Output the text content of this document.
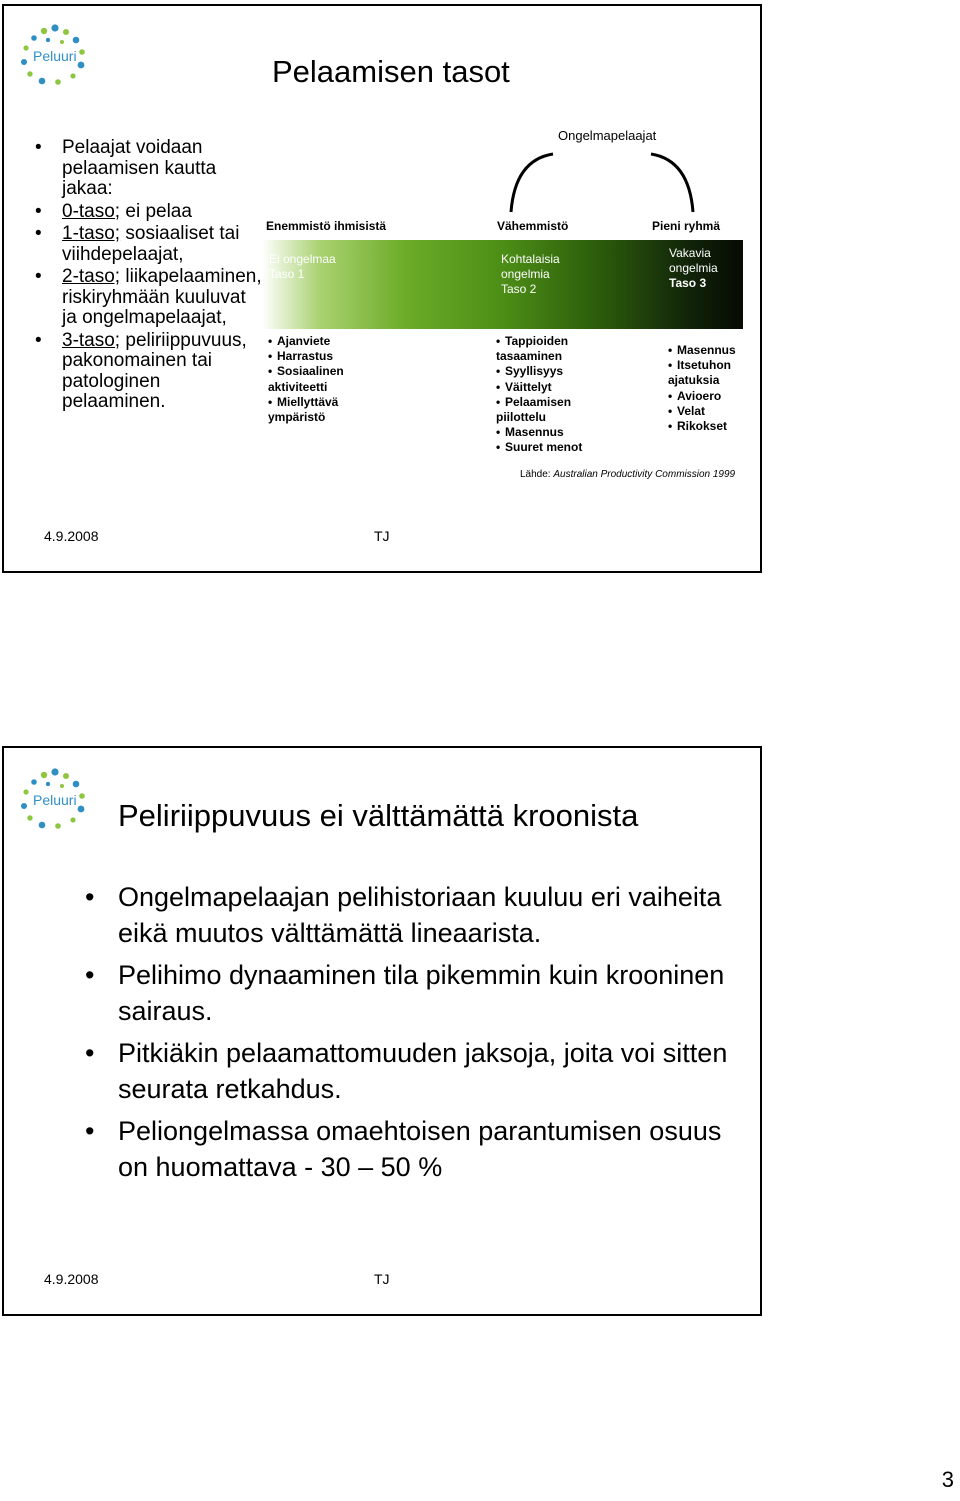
Peluuri	Pelaamisen tasot
• Pelaajat voidaan pelaamisen kautta jakaa:
• 0-taso; ei pelaa
• 1-taso; sosiaaliset tai viihdepelaajat,
• 2-taso; liikapelaaminen, riskiryhmään kuuluvat ja ongelmapelaajat,
• 3-taso; peliriippuvuus, pakonomainen tai patologinen pelaaminen.
Ongelmapelaajat
Enemmistö ihmisistä	Vähemmistö	Pieni ryhmä
Ei ongelmaa
Taso 1
Kohtalaisia
ongelmia
Taso 2
Vakavia
ongelmia
Taso 3
• Ajanviete
• Harrastus
• Sosiaalinen
aktiviteetti
• Miellyttävä
ympäristö
• Tappioiden
tasaaminen
• Syyllisyys
• Väittelyt
• Pelaamisen
piilottelu
• Masennus
• Suuret menot
• Masennus
• Itsetuhon
ajatuksia
• Avioero
• Velat
• Rikokset
Lähde: Australian Productivity Commission 1999
4.9.2008	TJ
Peluuri Peliriippuvuus ei välttämättä kroonista
• Ongelmapelaajan pelihistoriaan kuuluu eri vaiheita eikä muutos välttämättä lineaarista.
• Pelihimo dynaaminen tila pikemmin kuin krooninen sairaus.
• Pitkiäkin pelaamattomuuden jaksoja, joita voi sitten seurata retkahdus.
• Peliongelmassa omaehtoisen parantumisen osuus on huomattava - 30 – 50 %
4.9.2008	TJ
3
